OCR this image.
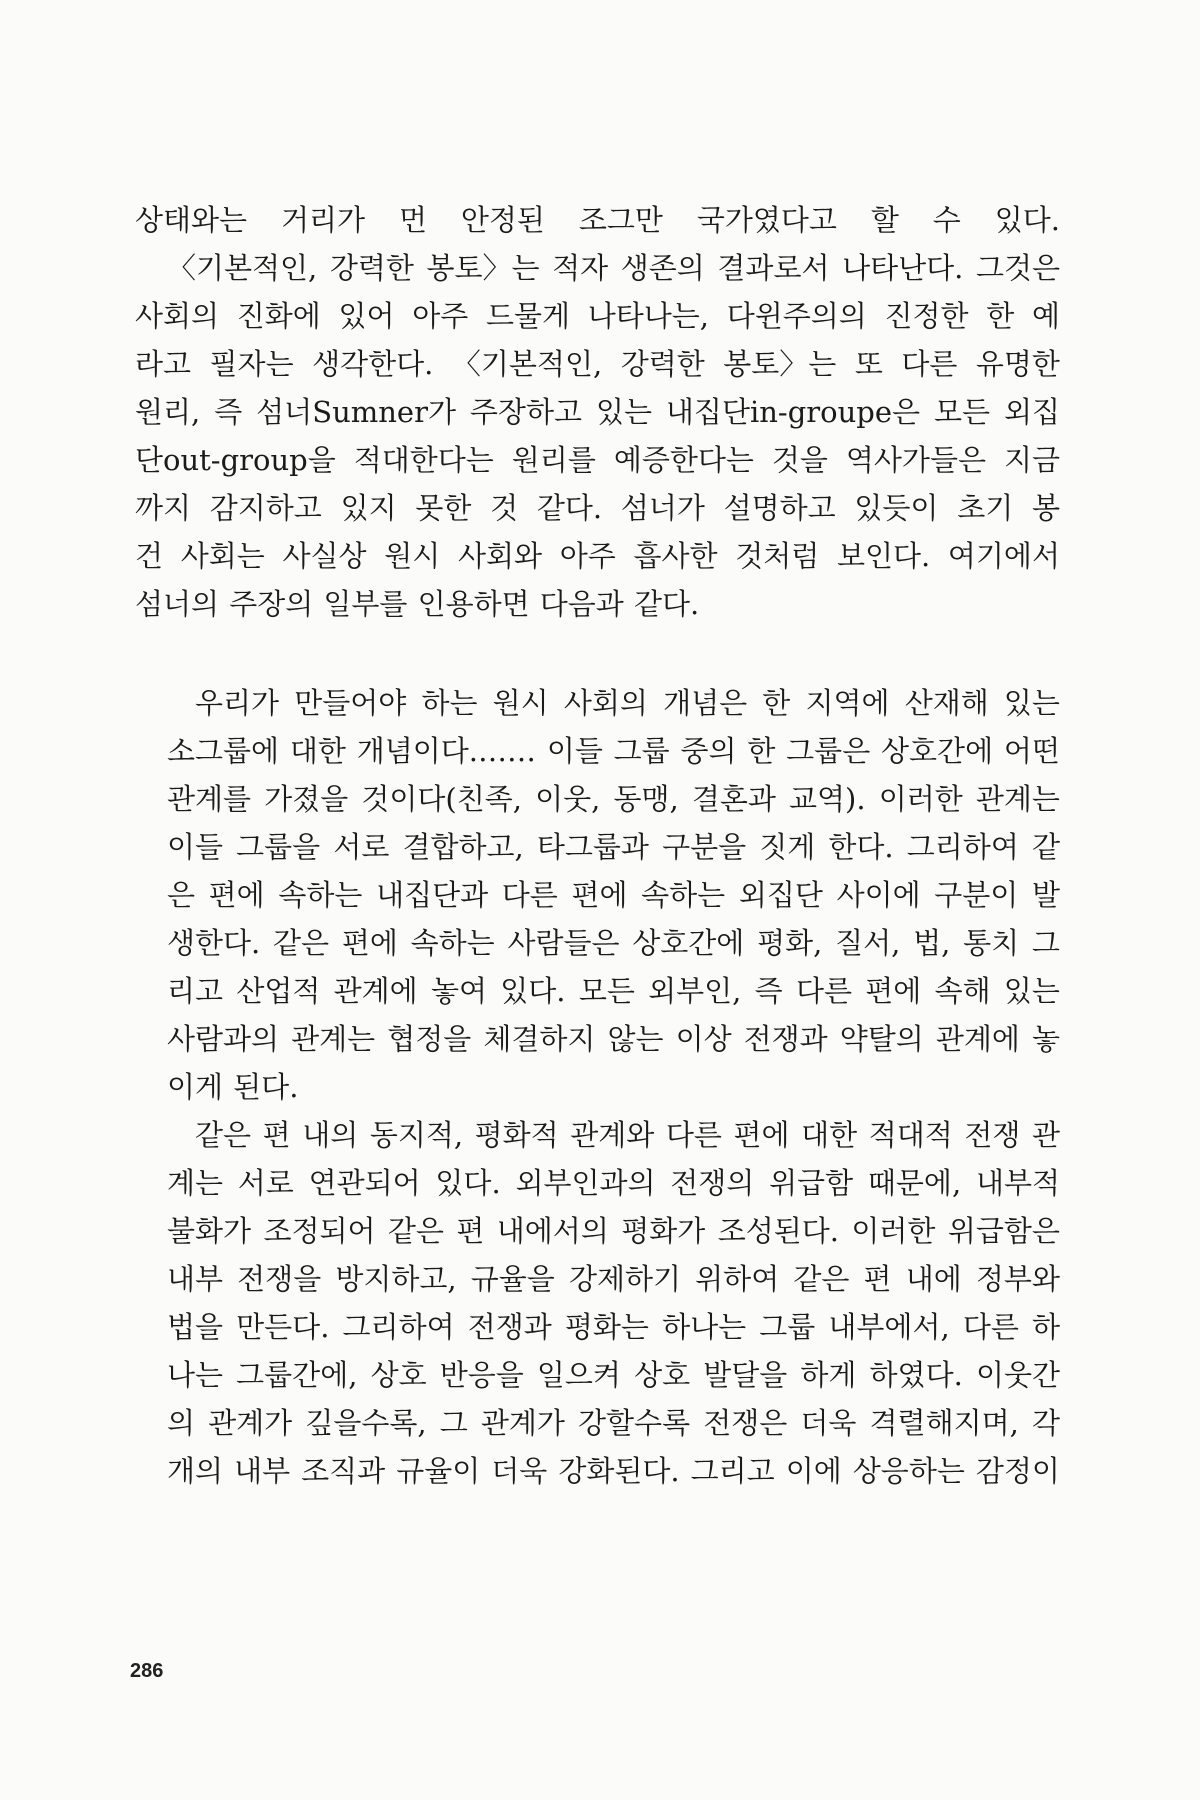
상태와는 거리가 먼 안정된 조그만 국가였다고 할 수 있다.
〈기본적인, 강력한 봉토〉는 적자 생존의 결과로서 나타난다. 그것은
사회의 진화에 있어 아주 드물게 나타나는, 다윈주의의 진정한 한 예
라고 필자는 생각한다. 〈기본적인, 강력한 봉토〉는 또 다른 유명한
원리, 즉 섬너Sumner가 주장하고 있는 내집단in-groupe은 모든 외집
단out-group을 적대한다는 원리를 예증한다는 것을 역사가들은 지금
까지 감지하고 있지 못한 것 같다. 섬너가 설명하고 있듯이 초기 봉
건 사회는 사실상 원시 사회와 아주 흡사한 것처럼 보인다. 여기에서
섬너의 주장의 일부를 인용하면 다음과 같다.
우리가 만들어야 하는 원시 사회의 개념은 한 지역에 산재해 있는
소그룹에 대한 개념이다.…… 이들 그룹 중의 한 그룹은 상호간에 어떤
관계를 가졌을 것이다(친족, 이웃, 동맹, 결혼과 교역). 이러한 관계는
이들 그룹을 서로 결합하고, 타그룹과 구분을 짓게 한다. 그리하여 같
은 편에 속하는 내집단과 다른 편에 속하는 외집단 사이에 구분이 발
생한다. 같은 편에 속하는 사람들은 상호간에 평화, 질서, 법, 통치 그
리고 산업적 관계에 놓여 있다. 모든 외부인, 즉 다른 편에 속해 있는
사람과의 관계는 협정을 체결하지 않는 이상 전쟁과 약탈의 관계에 놓
이게 된다.
같은 편 내의 동지적, 평화적 관계와 다른 편에 대한 적대적 전쟁 관
계는 서로 연관되어 있다. 외부인과의 전쟁의 위급함 때문에, 내부적
불화가 조정되어 같은 편 내에서의 평화가 조성된다. 이러한 위급함은
내부 전쟁을 방지하고, 규율을 강제하기 위하여 같은 편 내에 정부와
법을 만든다. 그리하여 전쟁과 평화는 하나는 그룹 내부에서, 다른 하
나는 그룹간에, 상호 반응을 일으켜 상호 발달을 하게 하였다. 이웃간
의 관계가 깊을수록, 그 관계가 강할수록 전쟁은 더욱 격렬해지며, 각
개의 내부 조직과 규율이 더욱 강화된다. 그리고 이에 상응하는 감정이
286
